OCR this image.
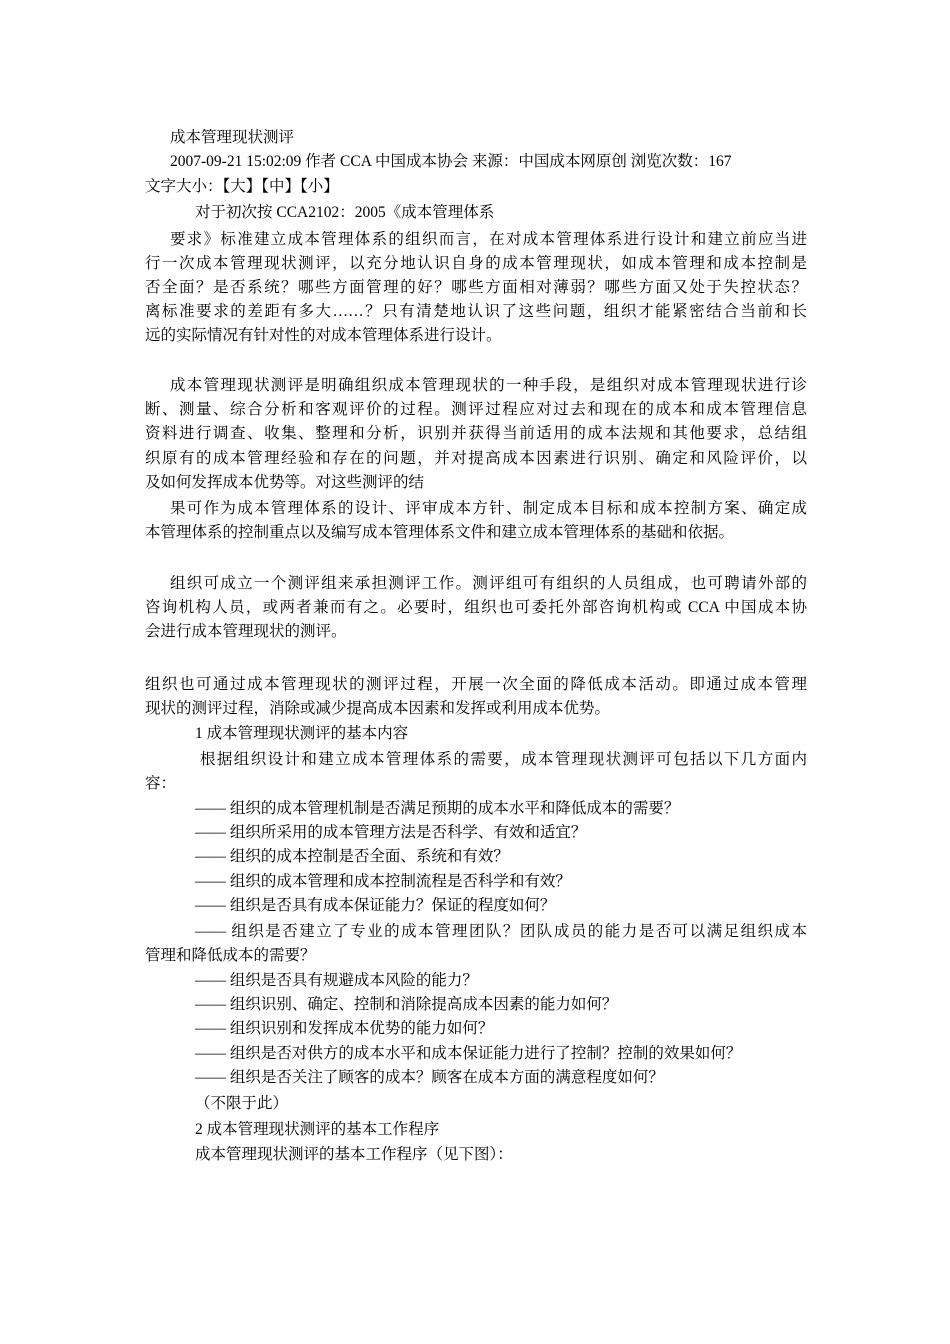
成本管理现状测评
2007-09-21 15:02:09 作者 CCA 中国成本协会 来源：中国成本网原创 浏览次数：167
文字大小：【大】【中】【小】
对于初次按 CCA2102：2005《成本管理体系
要求》标准建立成本管理体系的组织而言，在对成本管理体系进行设计和建立前应当进
行一次成本管理现状测评，以充分地认识自身的成本管理现状，如成本管理和成本控制是
否全面？是否系统？哪些方面管理的好？哪些方面相对薄弱？哪些方面又处于失控状态？
离标准要求的差距有多大……？只有清楚地认识了这些问题，组织才能紧密结合当前和长
远的实际情况有针对性的对成本管理体系进行设计。
成本管理现状测评是明确组织成本管理现状的一种手段，是组织对成本管理现状进行诊
断、测量、综合分析和客观评价的过程。测评过程应对过去和现在的成本和成本管理信息
资料进行调查、收集、整理和分析，识别并获得当前适用的成本法规和其他要求，总结组
织原有的成本管理经验和存在的问题，并对提高成本因素进行识别、确定和风险评价，以
及如何发挥成本优势等。对这些测评的结
果可作为成本管理体系的设计、评审成本方针、制定成本目标和成本控制方案、确定成
本管理体系的控制重点以及编写成本管理体系文件和建立成本管理体系的基础和依据。
组织可成立一个测评组来承担测评工作。测评组可有组织的人员组成，也可聘请外部的
咨询机构人员，或两者兼而有之。必要时，组织也可委托外部咨询机构或 CCA 中国成本协
会进行成本管理现状的测评。
组织也可通过成本管理现状的测评过程，开展一次全面的降低成本活动。即通过成本管理
现状的测评过程，消除或减少提高成本因素和发挥或利用成本优势。
1 成本管理现状测评的基本内容
根据组织设计和建立成本管理体系的需要，成本管理现状测评可包括以下几方面内
容：
—— 组织的成本管理机制是否满足预期的成本水平和降低成本的需要？
—— 组织所采用的成本管理方法是否科学、有效和适宜？
—— 组织的成本控制是否全面、系统和有效？
—— 组织的成本管理和成本控制流程是否科学和有效？
—— 组织是否具有成本保证能力？保证的程度如何？
—— 组织是否建立了专业的成本管理团队？团队成员的能力是否可以满足组织成本
管理和降低成本的需要？
—— 组织是否具有规避成本风险的能力？
—— 组织识别、确定、控制和消除提高成本因素的能力如何？
—— 组织识别和发挥成本优势的能力如何？
—— 组织是否对供方的成本水平和成本保证能力进行了控制？控制的效果如何？
—— 组织是否关注了顾客的成本？顾客在成本方面的满意程度如何？
（不限于此）
2 成本管理现状测评的基本工作程序
成本管理现状测评的基本工作程序（见下图）：
